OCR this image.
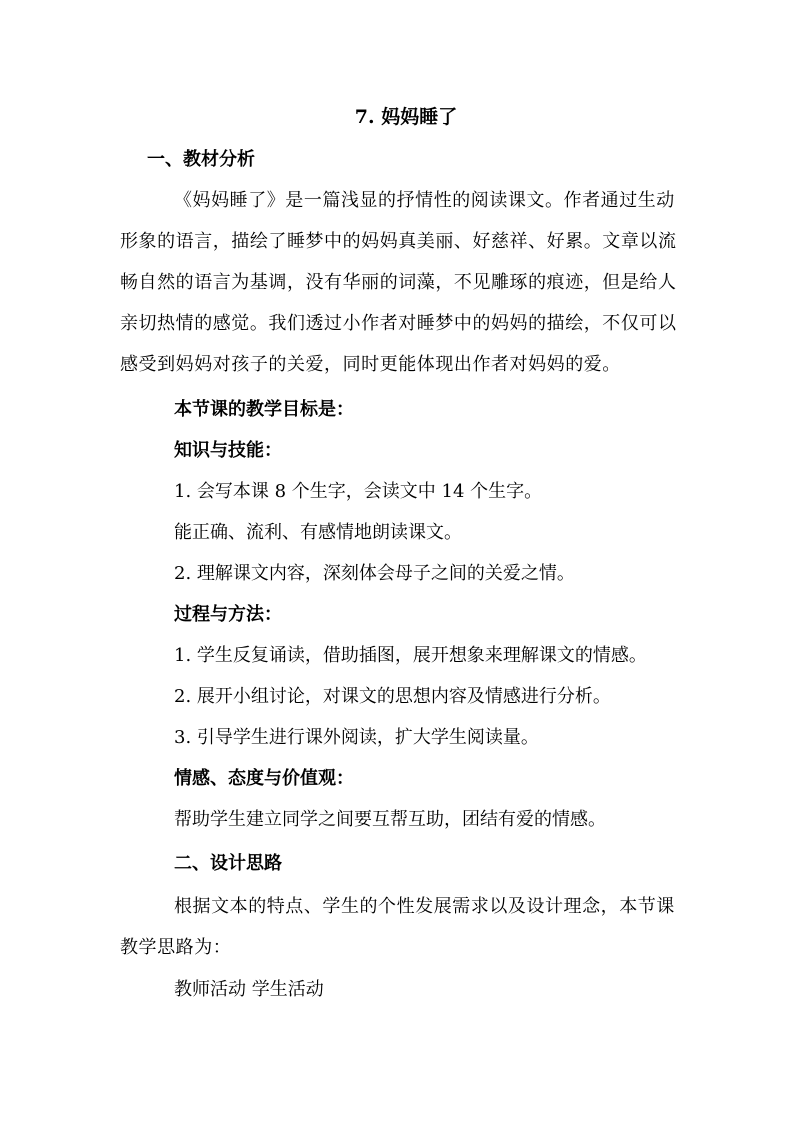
7. 妈妈睡了
一、教材分析
《妈妈睡了》是一篇浅显的抒情性的阅读课文。作者通过生动
形象的语言，描绘了睡梦中的妈妈真美丽、好慈祥、好累。文章以流
畅自然的语言为基调，没有华丽的词藻，不见雕琢的痕迹，但是给人
亲切热情的感觉。我们透过小作者对睡梦中的妈妈的描绘，不仅可以
感受到妈妈对孩子的关爱，同时更能体现出作者对妈妈的爱。
本节课的教学目标是：
知识与技能：
1. 会写本课 8 个生字，会读文中 14 个生字。
能正确、流利、有感情地朗读课文。
2. 理解课文内容，深刻体会母子之间的关爱之情。
过程与方法：
1. 学生反复诵读，借助插图，展开想象来理解课文的情感。
2. 展开小组讨论，对课文的思想内容及情感进行分析。
3. 引导学生进行课外阅读，扩大学生阅读量。
情感、态度与价值观：
帮助学生建立同学之间要互帮互助，团结有爱的情感。
二、设计思路
根据文本的特点、学生的个性发展需求以及设计理念，本节课
教学思路为：
教师活动 学生活动
